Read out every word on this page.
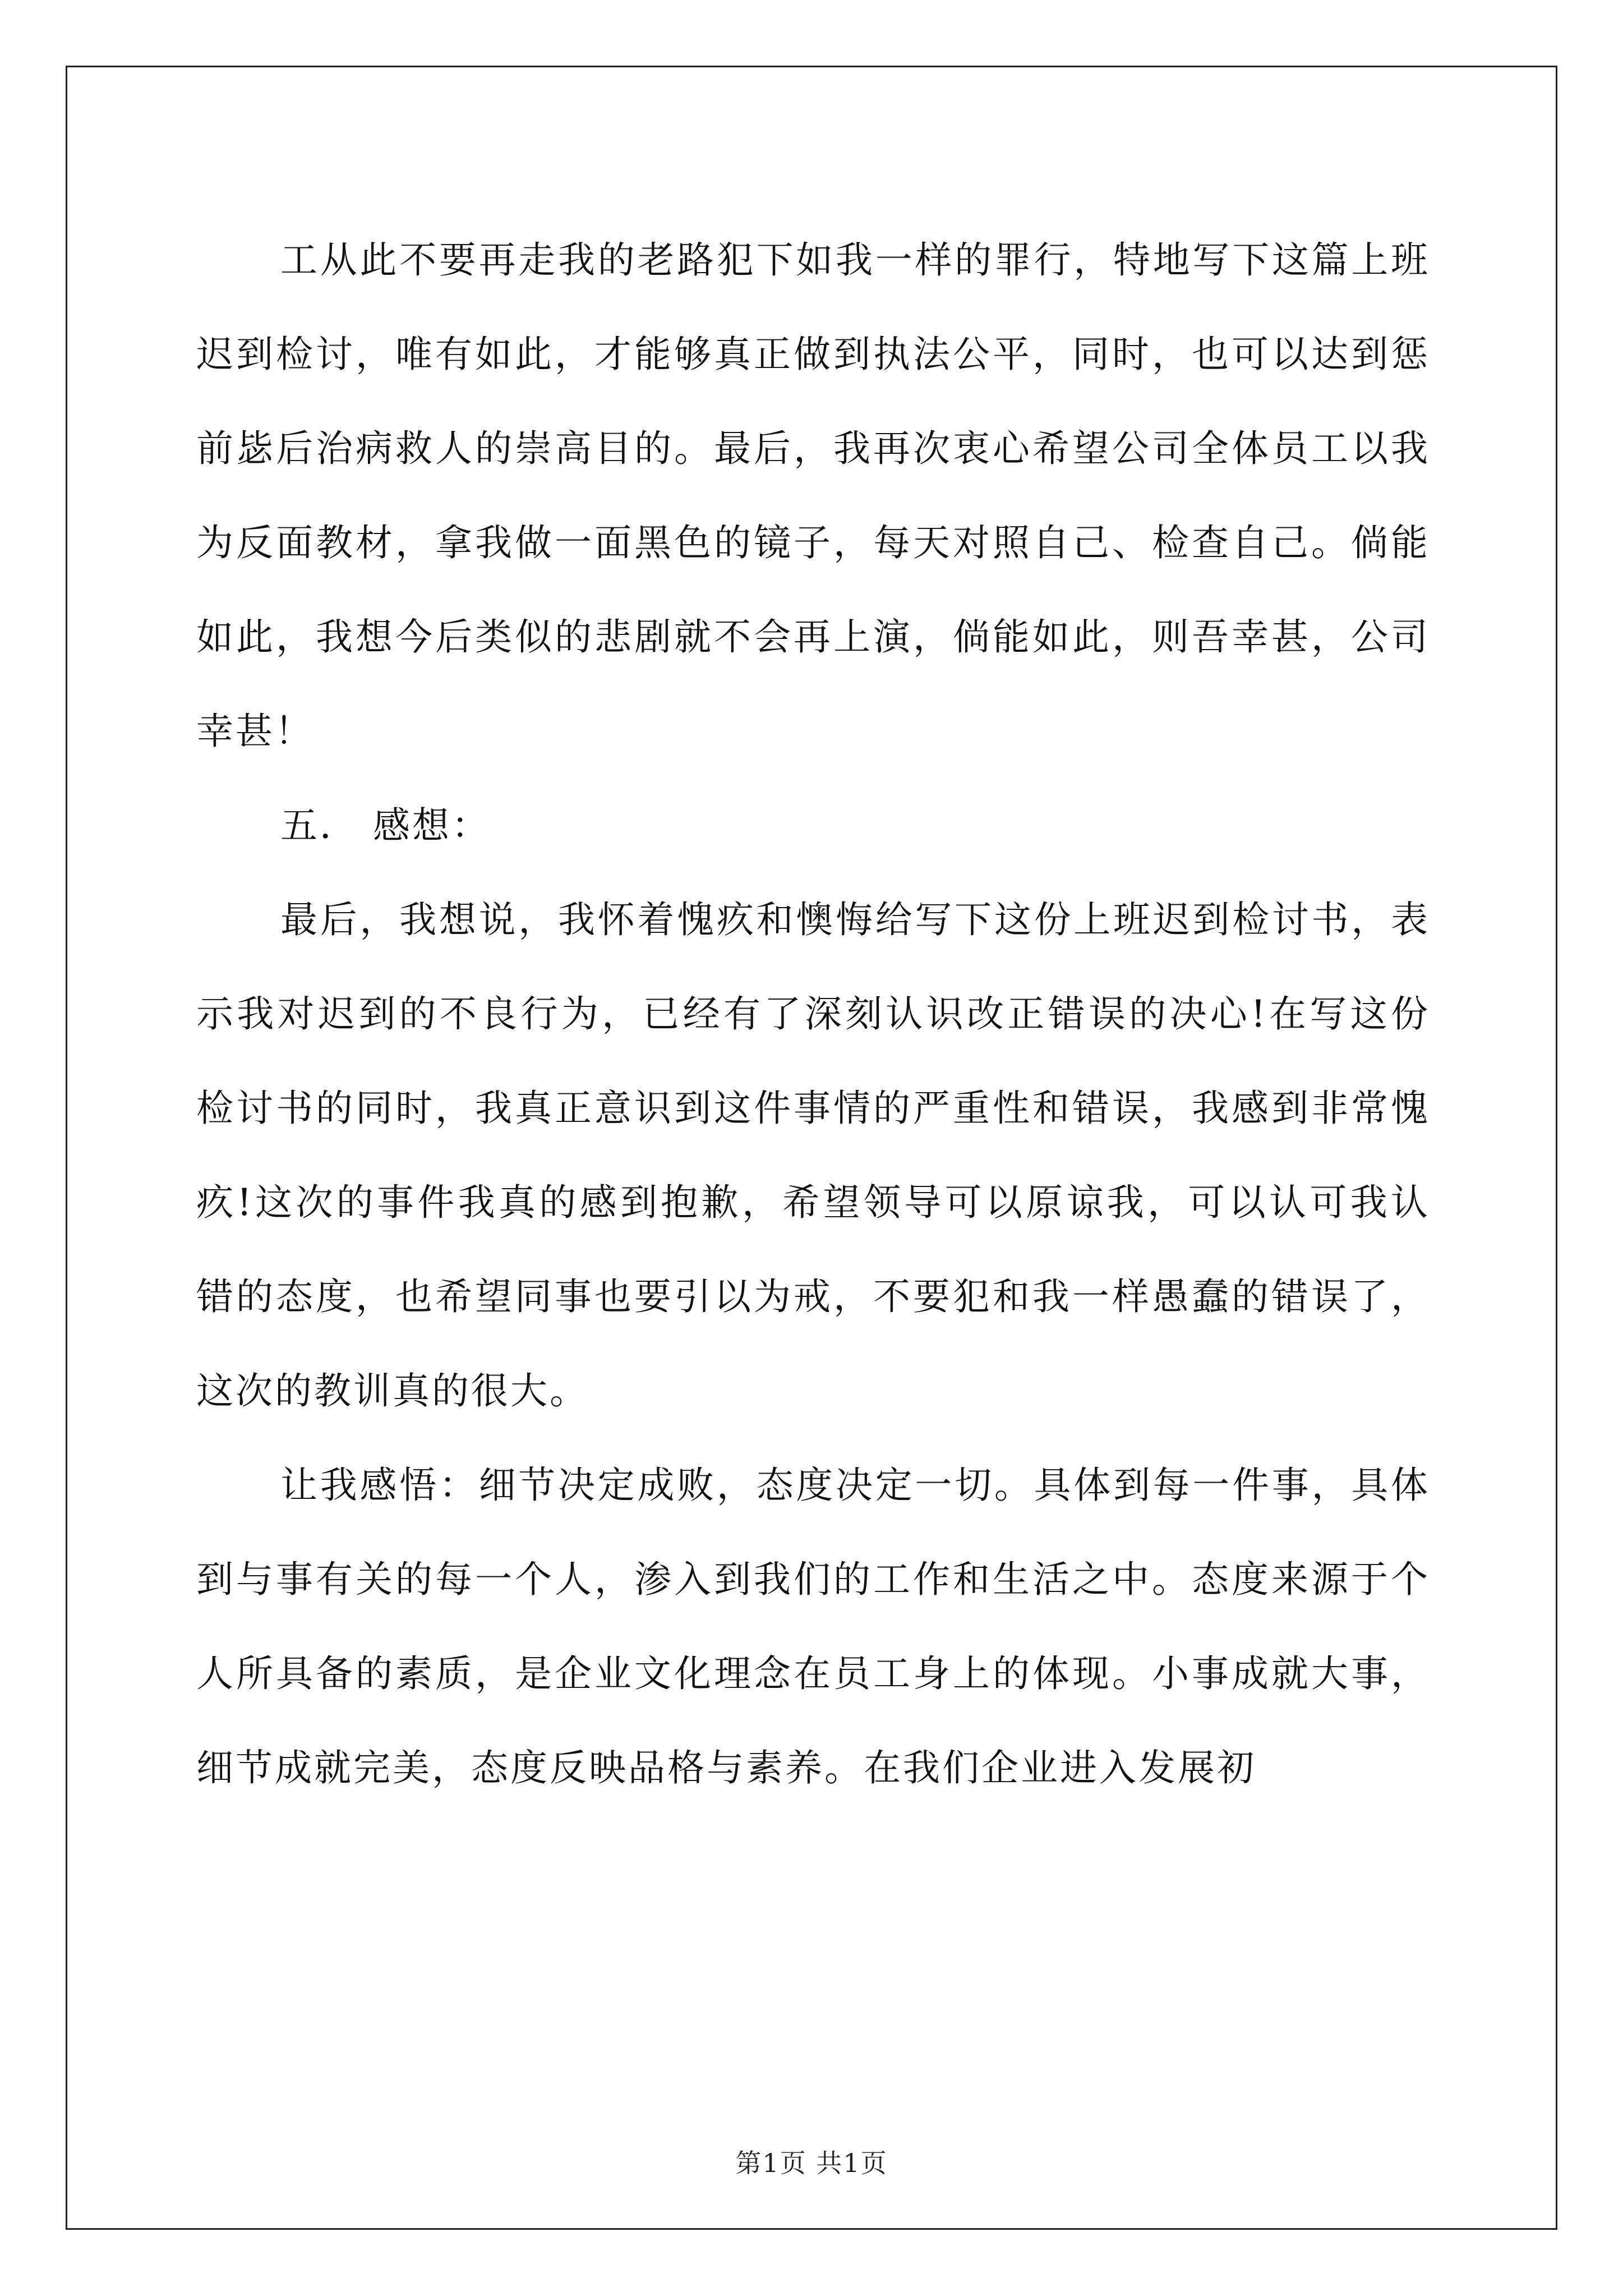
工从此不要再走我的老路犯下如我一样的罪行，特地写下这篇上班迟到检讨，唯有如此，才能够真正做到执法公平，同时，也可以达到惩前毖后治病救人的崇高目的。最后，我再次衷心希望公司全体员工以我为反面教材，拿我做一面黑色的镜子，每天对照自己、检查自己。倘能如此，我想今后类似的悲剧就不会再上演，倘能如此，则吾幸甚，公司幸甚！

五． 感想：

最后，我想说，我怀着愧疚和懊悔给写下这份上班迟到检讨书，表示我对迟到的不良行为，已经有了深刻认识改正错误的决心!在写这份检讨书的同时，我真正意识到这件事情的严重性和错误，我感到非常愧疚!这次的事件我真的感到抱歉，希望领导可以原谅我，可以认可我认错的态度，也希望同事也要引以为戒，不要犯和我一样愚蠢的错误了，这次的教训真的很大。

让我感悟：细节决定成败，态度决定一切。具体到每一件事，具体到与事有关的每一个人，渗入到我们的工作和生活之中。态度来源于个人所具备的素质，是企业文化理念在员工身上的体现。小事成就大事，细节成就完美，态度反映品格与素养。在我们企业进入发展初

第1页 共1页
